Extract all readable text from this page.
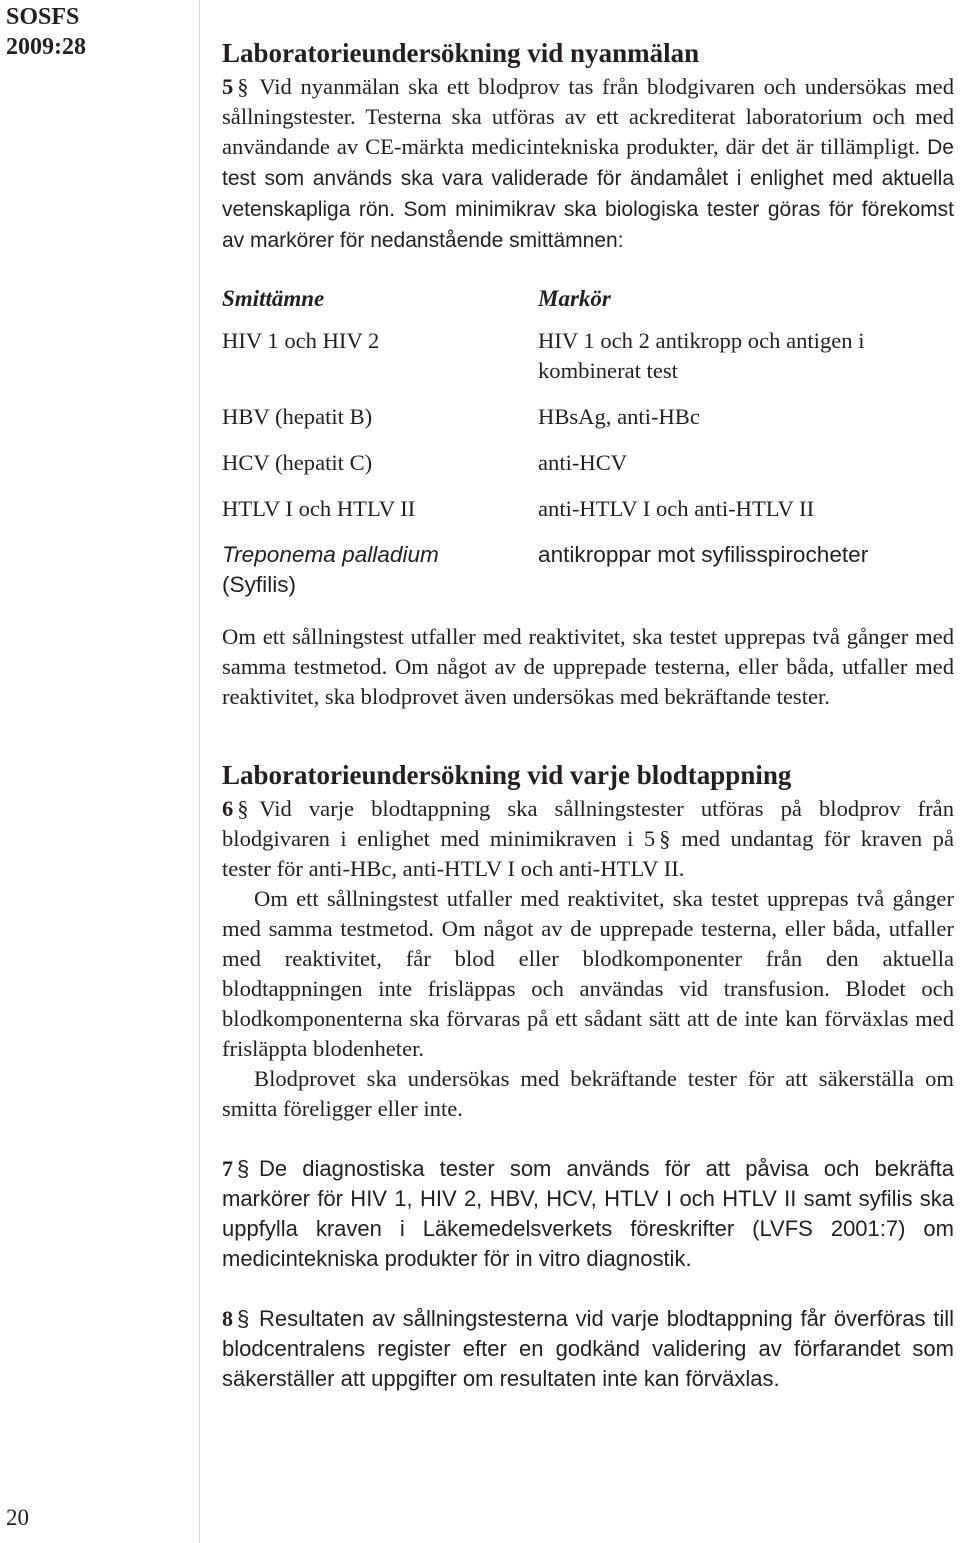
SOSFS
2009:28
20
Laboratorieundersökning vid nyanmälan

5 § Vid nyanmälan ska ett blodprov tas från blodgivaren och undersökas med sållningstester. Testerna ska utföras av ett ackrediterat laboratorium och med användande av CE-märkta medicintekniska produkter, där det är tillämpligt. De test som används ska vara validerade för ändamålet i enlighet med aktuella vetenskapliga rön. Som minimikrav ska biologiska tester göras för förekomst av markörer för nedanstående smittämnen:

Smittämne	Markör
HIV 1 och HIV 2	HIV 1 och 2 antikropp och antigen i kombinerat test
HBV (hepatit B)	HBsAg, anti-HBc
HCV (hepatit C)	anti-HCV
HTLV I och HTLV II	anti-HTLV I och anti-HTLV II
Treponema palladium
(Syfilis)	antikroppar mot syfilisspirocheter

Om ett sållningstest utfaller med reaktivitet, ska testet upprepas två gånger med samma testmetod. Om något av de upprepade testerna, eller båda, utfaller med reaktivitet, ska blodprovet även undersökas med bekräftande tester.

Laboratorieundersökning vid varje blodtappning

6 § Vid varje blodtappning ska sållningstester utföras på blodprov från blodgivaren i enlighet med minimikraven i 5 § med undantag för kraven på tester för anti-HBc, anti-HTLV I och anti-HTLV II.

Om ett sållningstest utfaller med reaktivitet, ska testet upprepas två gånger med samma testmetod. Om något av de upprepade testerna, eller båda, utfaller med reaktivitet, får blod eller blodkomponenter från den aktuella blodtappningen inte frisläppas och användas vid transfusion. Blodet och blodkomponenterna ska förvaras på ett sådant sätt att de inte kan förväxlas med frisläppta blodenheter.

Blodprovet ska undersökas med bekräftande tester för att säkerställa om smitta föreligger eller inte.

7 § De diagnostiska tester som används för att påvisa och bekräfta markörer för HIV 1, HIV 2, HBV, HCV, HTLV I och HTLV II samt syfilis ska uppfylla kraven i Läkemedelsverkets föreskrifter (LVFS 2001:7) om medicintekniska produkter för in vitro diagnostik.

8 § Resultaten av sållningstesterna vid varje blodtappning får överföras till blodcentralens register efter en godkänd validering av förfarandet som säkerställer att uppgifter om resultaten inte kan förväxlas.
